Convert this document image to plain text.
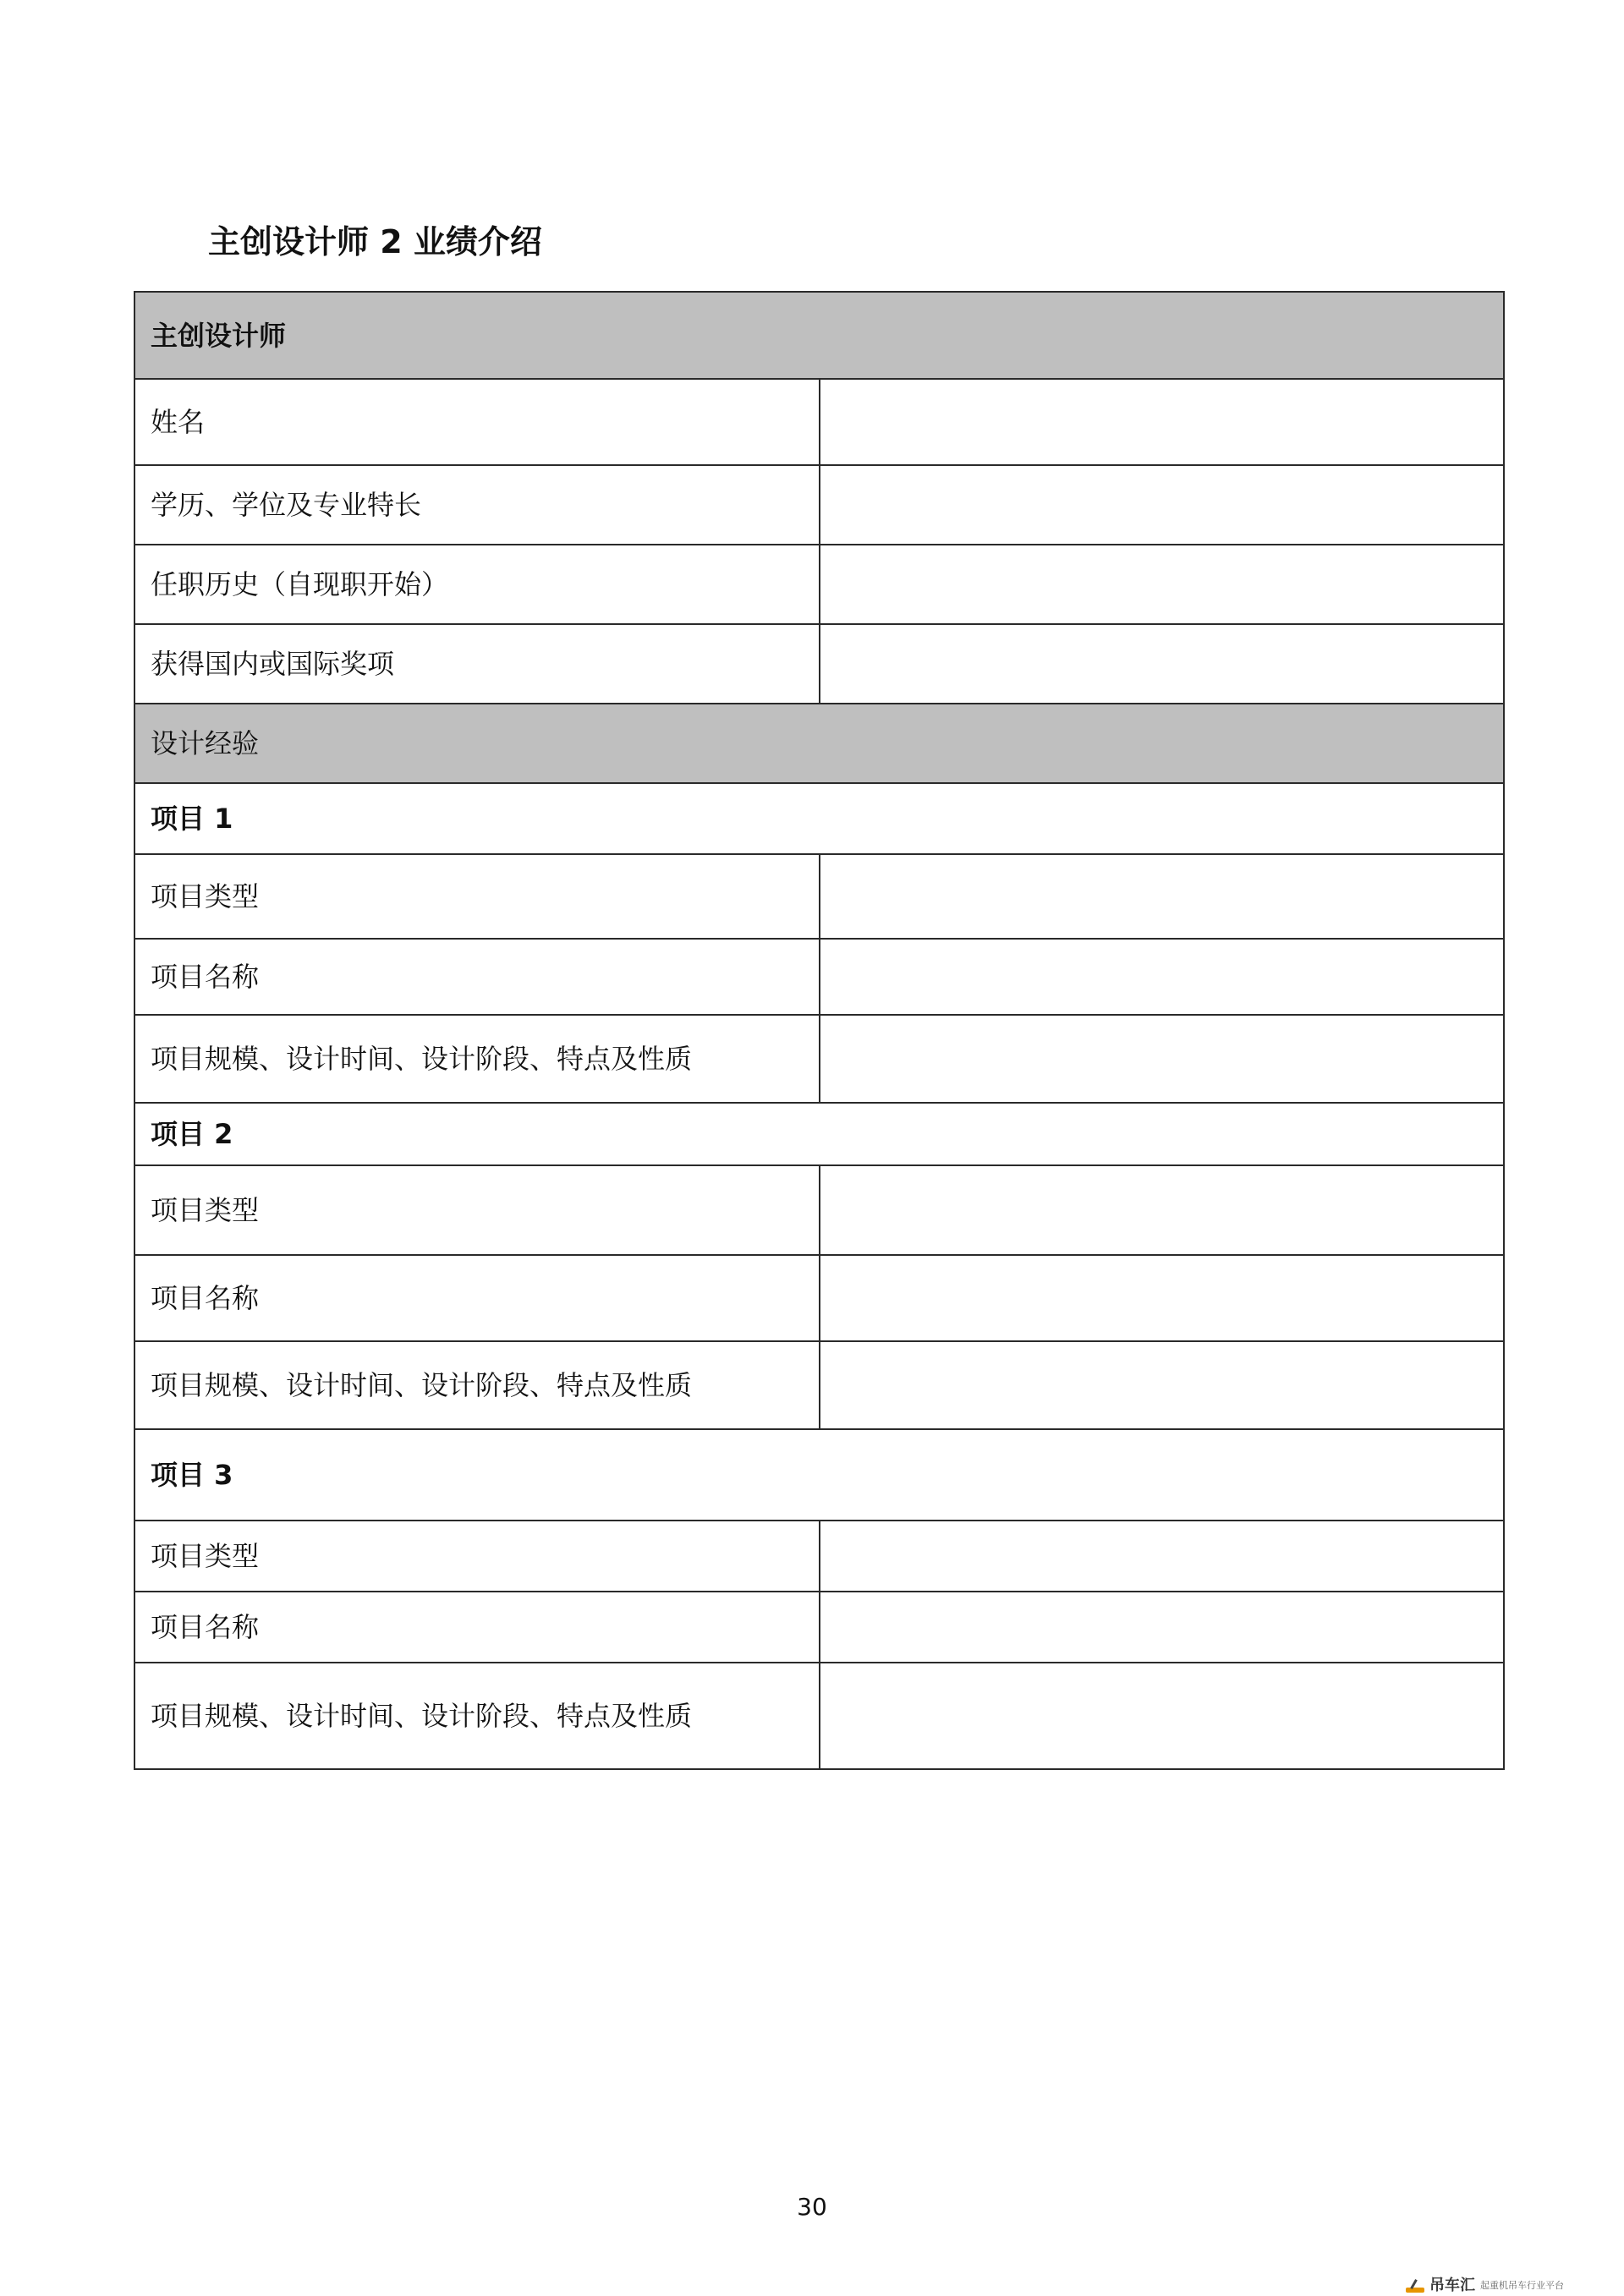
主创设计师 2 业绩介绍
主创设计师	
姓名	
学历、学位及专业特长	
任职历史（自现职开始）	
获得国内或国际奖项	
设计经验	
项目 1	
项目类型	
项目名称	
项目规模、设计时间、设计阶段、特点及性质	
项目 2	
项目类型	
项目名称	
项目规模、设计时间、设计阶段、特点及性质	
项目 3	
项目类型	
项目名称	
项目规模、设计时间、设计阶段、特点及性质	
30
吊车汇 起重机吊车行业平台
